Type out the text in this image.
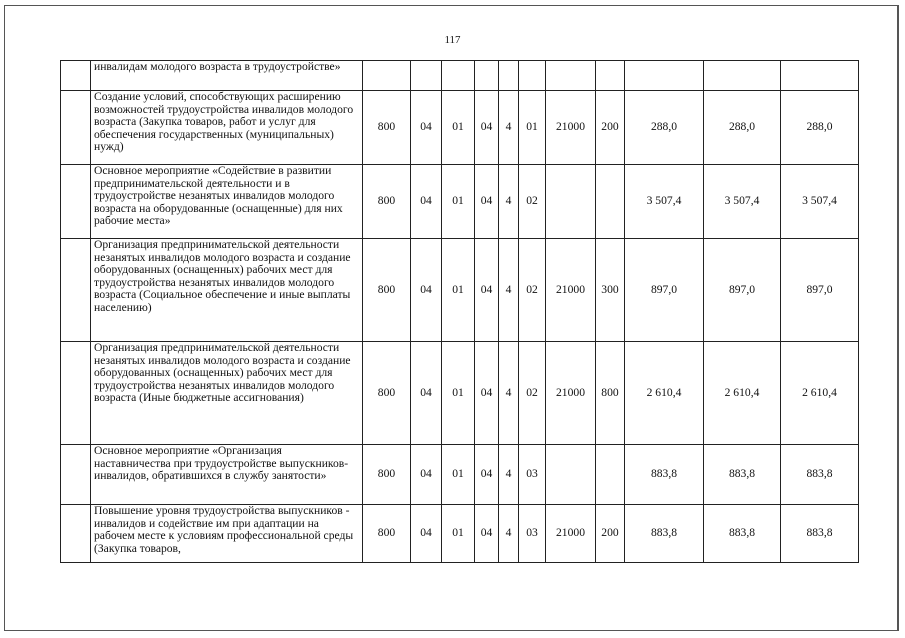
117
	инвалидам молодого возраста в трудоустройстве»											
	Создание условий, способствующих расширению возможностей трудоустройства инвалидов молодого возраста (Закупка товаров, работ и услуг для обеспечения государственных (муниципальных) нужд)	800	04	01	04	4	01	21000	200	288,0	288,0	288,0
	Основное мероприятие «Содействие в развитии предпринимательской деятельности и в трудоустройстве незанятых инвалидов молодого возраста на оборудованные (оснащенные) для них рабочие места»	800	04	01	04	4	02			3 507,4	3 507,4	3 507,4
	Организация предпринимательской деятельности незанятых инвалидов молодого возраста и создание оборудованных (оснащенных) рабочих мест для трудоустройства незанятых инвалидов молодого возраста (Социальное обеспечение и иные выплаты населению)	800	04	01	04	4	02	21000	300	897,0	897,0	897,0
	Организация предпринимательской деятельности незанятых инвалидов молодого возраста и создание оборудованных (оснащенных) рабочих мест для трудоустройства незанятых инвалидов молодого возраста (Иные бюджетные ассигнования)	800	04	01	04	4	02	21000	800	2 610,4	2 610,4	2 610,4
	Основное мероприятие «Организация наставничества при трудоустройстве выпускников-инвалидов, обратившихся в службу занятости»	800	04	01	04	4	03			883,8	883,8	883,8
	Повышение уровня трудоустройства выпускников - инвалидов и содействие им при адаптации на рабочем месте к условиям профессиональной среды (Закупка товаров,	800	04	01	04	4	03	21000	200	883,8	883,8	883,8
